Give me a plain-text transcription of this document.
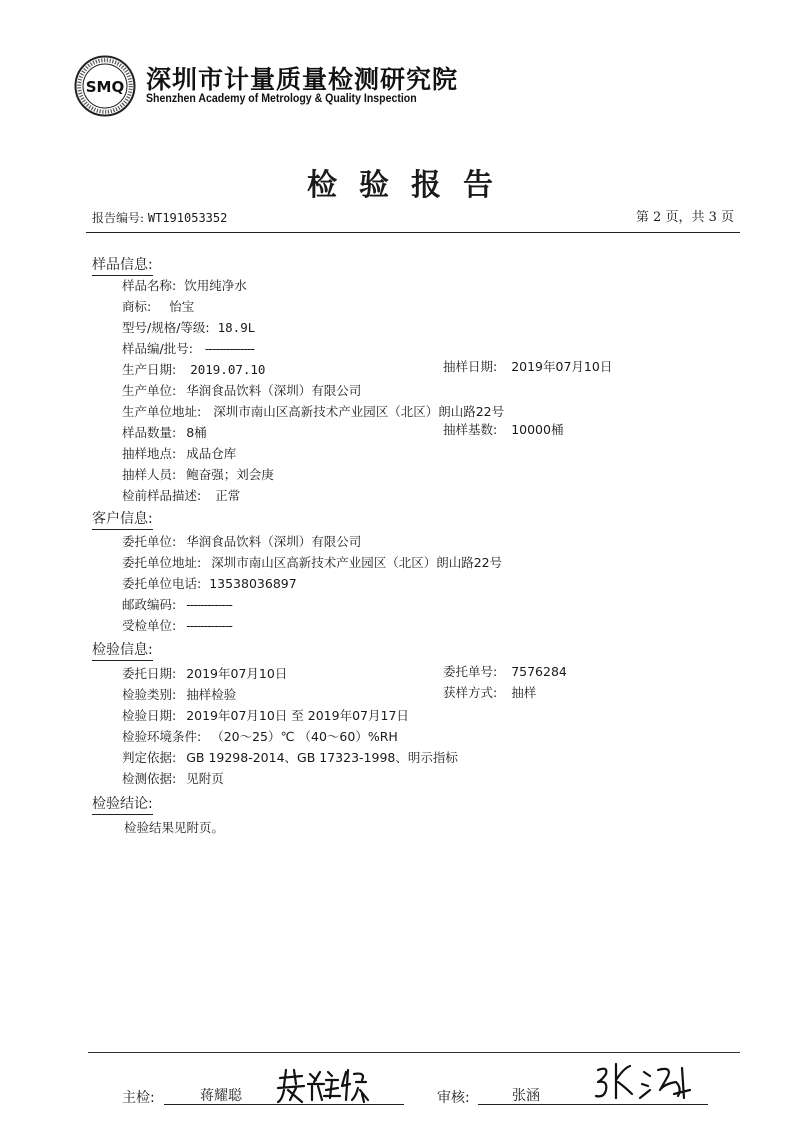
SMQ 深圳市计量质量检测研究院
Shenzhen Academy of Metrology & Quality Inspection
检验报告
报告编号: WT191053352	第 2 页，共 3 页
样品信息:
样品名称: 饮用纯净水
商标: 怡宝
型号/规格/等级: 18.9L
样品编/批号: --------------
生产日期: 2019.07.10	抽样日期: 2019年07月10日
生产单位: 华润食品饮料（深圳）有限公司
生产单位地址: 深圳市南山区高新技术产业园区（北区）朗山路22号
样品数量: 8桶	抽样基数: 10000桶
抽样地点: 成品仓库
抽样人员: 鲍奋强；刘会庚
检前样品描述: 正常
客户信息:
委托单位: 华润食品饮料（深圳）有限公司
委托单位地址: 深圳市南山区高新技术产业园区（北区）朗山路22号
委托单位电话: 13538036897
邮政编码: -------------
受检单位: -------------
检验信息:
委托日期: 2019年07月10日	委托单号: 7576284
检验类别: 抽样检验	获样方式: 抽样
检验日期: 2019年07月10日 至 2019年07月17日
检验环境条件: （20～25）℃ （40～60）%RH
判定依据: GB 19298-2014、GB 17323-1998、明示指标
检测依据: 见附页
检验结论:
检验结果见附页。
主检:	蒋耀聪	审核:	张涵
